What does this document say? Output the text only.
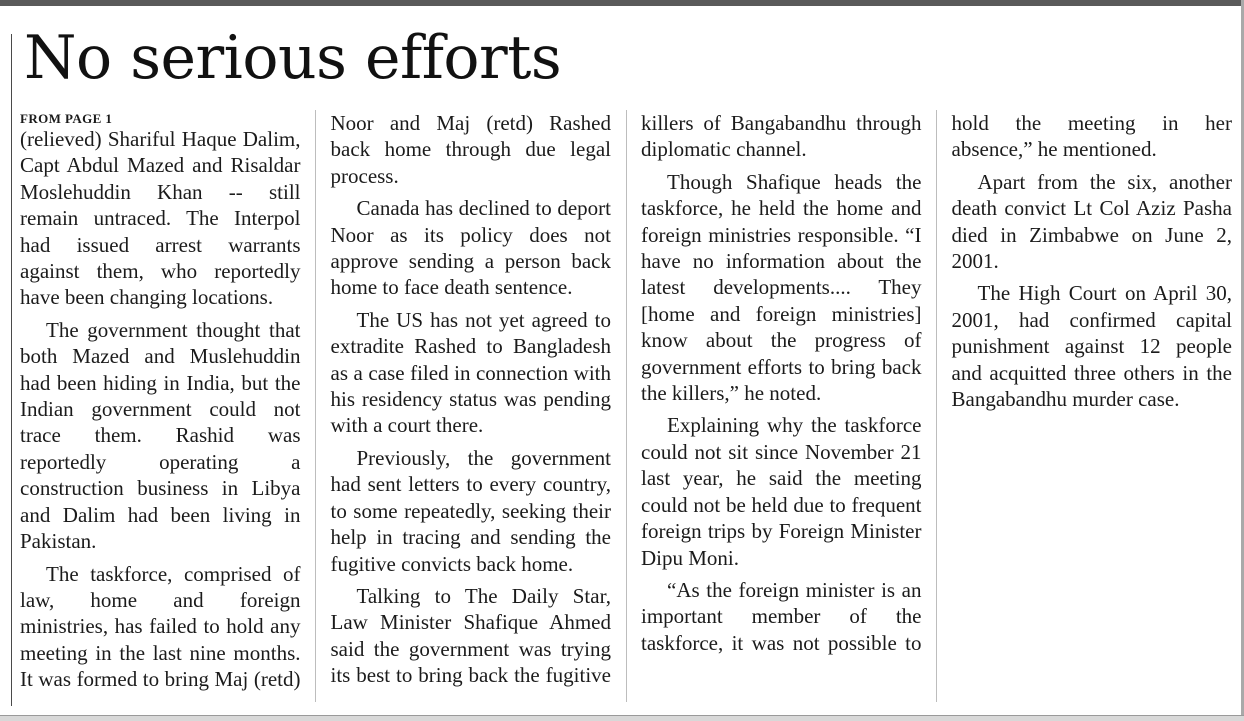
No serious efforts

FROM PAGE 1

(relieved) Shariful Haque Dalim, Capt Abdul Mazed and Risaldar Moslehuddin Khan -- still remain untraced. The Interpol had issued arrest warrants against them, who reportedly have been changing locations.

The government thought that both Mazed and Muslehuddin had been hiding in India, but the Indian government could not trace them. Rashid was reportedly operating a construction business in Libya and Dalim had been living in Pakistan.

The taskforce, comprised of law, home and foreign ministries, has failed to hold any meeting in the last nine months. It was formed to bring Maj (retd) Noor and Maj (retd) Rashed back home through due legal process.

Canada has declined to deport Noor as its policy does not approve sending a person back home to face death sentence.

The US has not yet agreed to extradite Rashed to Bangladesh as a case filed in connection with his residency status was pending with a court there.

Previously, the government had sent letters to every country, to some repeatedly, seeking their help in tracing and sending the fugitive convicts back home.

Talking to The Daily Star, Law Minister Shafique Ahmed said the government was trying its best to bring back the fugitive killers of Bangabandhu through diplomatic channel.

Though Shafique heads the taskforce, he held the home and foreign ministries responsible. “I have no information about the latest developments.... They [home and foreign ministries] know about the progress of government efforts to bring back the killers,” he noted.

Explaining why the taskforce could not sit since November 21 last year, he said the meeting could not be held due to frequent foreign trips by Foreign Minister Dipu Moni.

“As the foreign minister is an important member of the taskforce, it was not possible to hold the meeting in her absence,” he mentioned.

Apart from the six, another death convict Lt Col Aziz Pasha died in Zimbabwe on June 2, 2001.

The High Court on April 30, 2001, had confirmed capital punishment against 12 people and acquitted three others in the Bangabandhu murder case.
